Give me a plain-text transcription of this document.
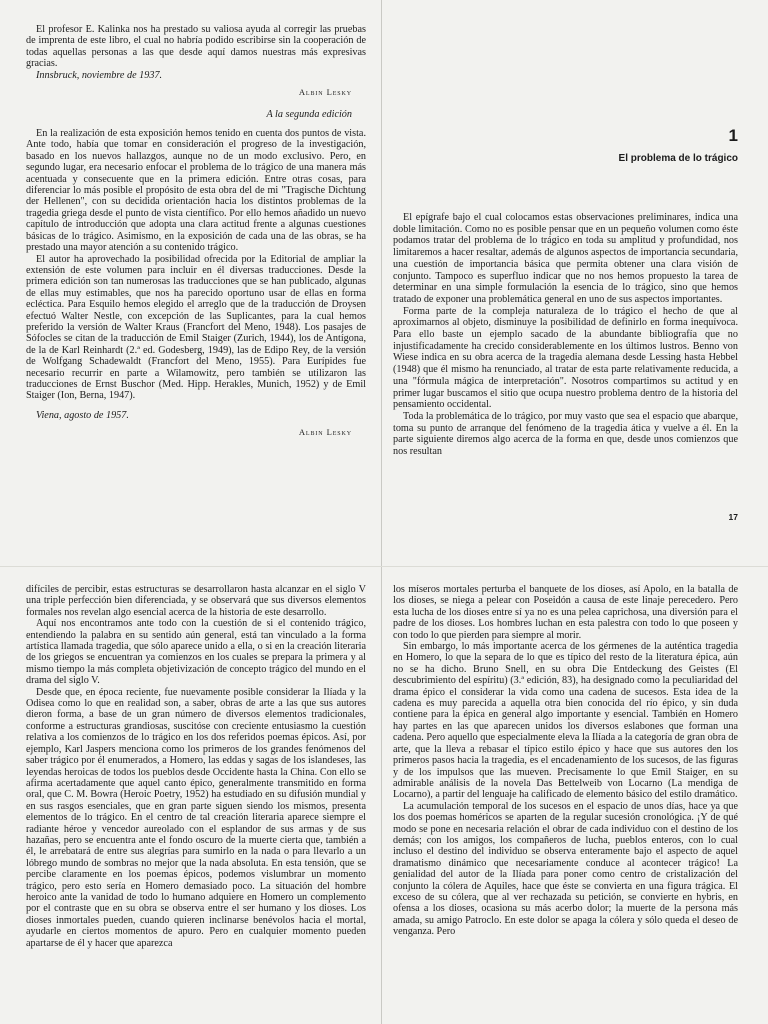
El profesor E. Kalinka nos ha prestado su valiosa ayuda al corregir las pruebas de imprenta de este libro, el cual no habría podido escribirse sin la cooperación de todas aquellas personas a las que desde aquí damos nuestras más expresivas gracias.

Innsbruck, noviembre de 1937.

Albin Lesky
A la segunda edición

En la realización de esta exposición hemos tenido en cuenta dos puntos de vista. Ante todo, había que tomar en consideración el progreso de la investigación, basado en los nuevos hallazgos, aunque no de un modo exclusivo. Pero, en segundo lugar, era necesario enfocar el problema de lo trágico de una manera más acentuada y consecuente que en la primera edición. Entre otras cosas, para diferenciar lo más posible el propósito de esta obra del de mi "Tragische Dichtung der Hellenen", con su decidida orientación hacia los distintos problemas de la tragedia griega desde el punto de vista científico. Por ello hemos añadido un nuevo capítulo de introducción que adopta una clara actitud frente a algunas cuestiones básicas de lo trágico. Asimismo, en la exposición de cada una de las obras, se ha prestado una mayor atención a su contenido trágico.

El autor ha aprovechado la posibilidad ofrecida por la Editorial de ampliar la extensión de este volumen para incluir en él diversas traducciones. Desde la primera edición son tan numerosas las traducciones que se han publicado, algunas de ellas muy estimables, que nos ha parecido oportuno usar de ellas en forma ecléctica. Para Esquilo hemos elegido el arreglo que de la traducción de Droysen efectuó Walter Nestle, con excepción de las Suplicantes, para la cual hemos preferido la versión de Walter Kraus (Francfort del Meno, 1948). Los pasajes de Sófocles se citan de la traducción de Emil Staiger (Zurich, 1944), los de Antígona, de la de Karl Reinhardt (2.ª ed. Godesberg, 1949), las de Edipo Rey, de la versión de Wolfgang Schadewaldt (Francfort del Meno, 1955). Para Eurípides fue necesario recurrir en parte a Wilamowitz, pero también se utilizaron las traducciones de Ernst Buschor (Med. Hipp. Herakles, Munich, 1952) y de Emil Staiger (Ion, Berna, 1947).

Viena, agosto de 1957.

Albin Lesky
1
El problema de lo trágico

El epígrafe bajo el cual colocamos estas observaciones preliminares, indica una doble limitación. Como no es posible pensar que en un pequeño volumen como éste podamos tratar del problema de lo trágico en toda su amplitud y profundidad, nos limitaremos a hacer resaltar, además de algunos aspectos de importancia secundaria, una cuestión de importancia básica que permita obtener una clara visión de conjunto. Tampoco es superfluo indicar que no nos hemos propuesto la tarea de determinar en una simple formulación la esencia de lo trágico, sino que hemos tratado de exponer una problemática general en uno de sus aspectos importantes.

Forma parte de la compleja naturaleza de lo trágico el hecho de que al aproximarnos al objeto, disminuye la posibilidad de definirlo en forma inequívoca. Para ello baste un ejemplo sacado de la abundante bibliografía que no injustificadamente ha crecido considerablemente en los últimos lustros. Benno von Wiese indica en su obra acerca de la tragedia alemana desde Lessing hasta Hebbel (1948) que él mismo ha renunciado, al tratar de esta parte relativamente reducida, a una "fórmula mágica de interpretación". Nosotros compartimos su actitud y en primer lugar buscamos el sitio que ocupa nuestro problema dentro de la historia del pensamiento occidental.

Toda la problemática de lo trágico, por muy vasto que sea el espacio que abarque, toma su punto de arranque del fenómeno de la tragedia ática y vuelve a él. En la parte siguiente diremos algo acerca de la forma en que, desde unos comienzos que nos resultan

17

difíciles de percibir, estas estructuras se desarrollaron hasta alcanzar en el siglo V una triple perfección bien diferenciada, y se observará que sus diversos elementos formales nos revelan algo esencial acerca de la historia de este desarrollo.

Aquí nos encontramos ante todo con la cuestión de si el contenido trágico, entendiendo la palabra en su sentido aún general, está tan vinculado a la forma artística llamada tragedia, que sólo aparece unido a ella, o si en la creación literaria de los griegos se encuentran ya comienzos en los cuales se prepara la primera y al mismo tiempo la más completa objetivización de concepto trágico del mundo en el drama del siglo V.

Desde que, en época reciente, fue nuevamente posible considerar la Ilíada y la Odisea como lo que en realidad son, a saber, obras de arte a las que sus autores dieron forma, a base de un gran número de diversos elementos tradicionales, conforme a estructuras grandiosas, suscitóse con creciente entusiasmo la cuestión relativa a los comienzos de lo trágico en los dos referidos poemas épicos. Así, por ejemplo, Karl Jaspers menciona como los primeros de los grandes fenómenos del saber trágico por él enumerados, a Homero, las eddas y sagas de los islandeses, las leyendas heroicas de todos los pueblos desde Occidente hasta la China. Con ello se afirma acertadamente que aquel canto épico, generalmente transmitido en forma oral, que C. M. Bowra (Heroic Poetry, 1952) ha estudiado en su difusión mundial y en sus rasgos esenciales, que en gran parte siguen siendo los mismos, presenta elementos de lo trágico. En el centro de tal creación literaria aparece siempre el radiante héroe y vencedor aureolado con el esplandor de sus armas y de sus hazañas, pero se encuentra ante el fondo oscuro de la muerte cierta que, también a él, le arrebatará de entre sus alegrías para sumirlo en la nada o para llevarlo a un lóbrego mundo de sombras no mejor que la nada absoluta. En esta tensión, que se percibe claramente en los poemas épicos, podemos vislumbrar un momento trágico, pero esto sería en Homero demasiado poco. La situación del hombre heroico ante la vanidad de todo lo humano adquiere en Homero un complemento por el contraste que en su obra se observa entre el ser humano y los dioses. Los dioses inmortales pueden, cuando quieren inclinarse benévolos hacia el mortal, ayudarle en ciertos momentos de apuro. Pero en cualquier momento pueden apartarse de él y hacer que aparezca

los míseros mortales perturba el banquete de los dioses, así Apolo, en la batalla de los dioses, se niega a pelear con Poseidón a causa de este linaje perecedero. Pero esta lucha de los dioses entre sí ya no es una pelea caprichosa, una diversión para el padre de los dioses. Los hombres luchan en esta palestra con todo lo que poseen y con todo lo que pierden para siempre al morir.

Sin embargo, lo más importante acerca de los gérmenes de la auténtica tragedia en Homero, lo que la separa de lo que es típico del resto de la literatura épica, aún no se ha dicho. Bruno Snell, en su obra Die Entdeckung des Geistes (El descubrimiento del espíritu) (3.ª edición, 83), ha designado como la peculiaridad del drama épico el considerar la vida como una cadena de sucesos. Esta idea de la cadena es muy parecida a aquella otra bien conocida del río épico, y sin duda contiene para la épica en general algo importante y esencial. También en Homero hay partes en las que aparecen unidos los diversos eslabones que forman una cadena. Pero aquello que especialmente eleva la Ilíada a la categoría de gran obra de arte, que la lleva a rebasar el típico estilo épico y hace que sus autores den los primeros pasos hacia la tragedia, es el encadenamiento de los sucesos, de las figuras y de los impulsos que las mueven. Precisamente lo que Emil Staiger, en su admirable análisis de la novela Das Bettelweib von Locarno (La mendiga de Locarno), a partir del lenguaje ha calificado de elemento básico del estilo dramático.

La acumulación temporal de los sucesos en el espacio de unos días, hace ya que los dos poemas homéricos se aparten de la regular sucesión cronológica. ¡Y de qué modo se pone en necesaria relación el obrar de cada individuo con el destino de los demás; con los amigos, los compañeros de lucha, pueblos enteros, con lo cual incluso el destino del individuo se observa enteramente bajo el aspecto de aquel dramatismo dinámico que necesariamente conduce al acontecer trágico! La genialidad del autor de la Ilíada para poner como centro de cristalización del conjunto la cólera de Aquiles, hace que éste se convierta en una figura trágica. El exceso de su cólera, que al ver rechazada su petición, se convierte en hybris, en ofensa a los dioses, ocasiona su más acerbo dolor; la muerte de la persona más amada, su amigo Patroclo. En este dolor se apaga la cólera y sólo queda el deseo de venganza. Pero
